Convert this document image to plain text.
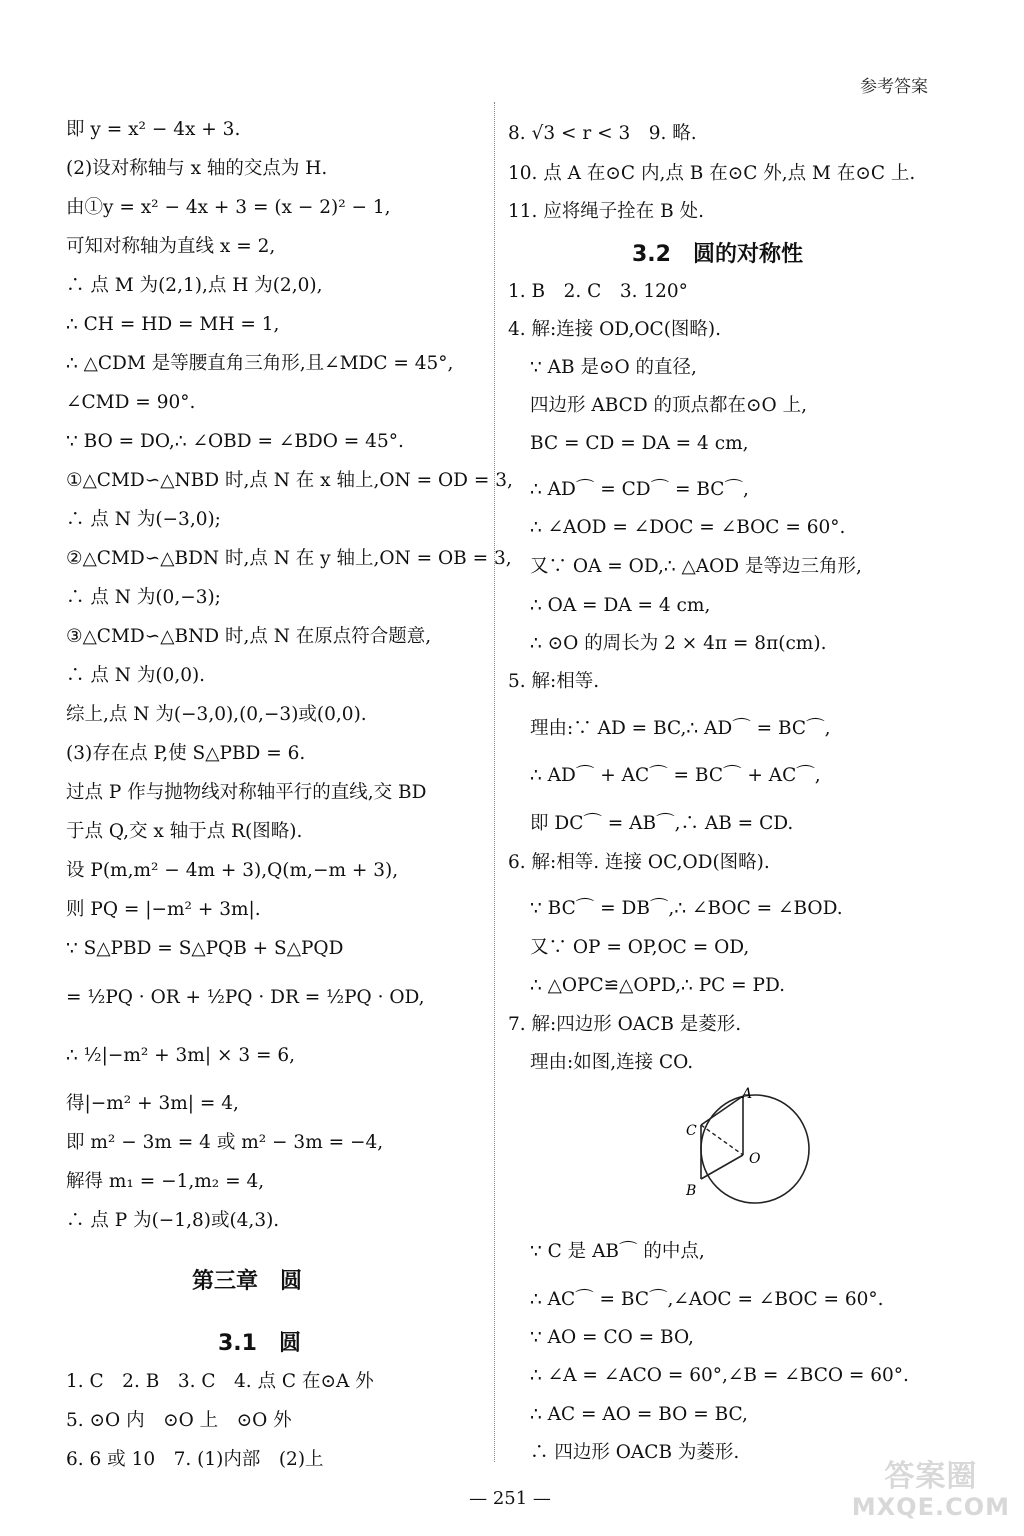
参考答案
即 y = x² − 4x + 3.
(2)设对称轴与 x 轴的交点为 H.
由①y = x² − 4x + 3 = (x − 2)² − 1,
可知对称轴为直线 x = 2,
∴ 点 M 为(2,1),点 H 为(2,0),
∴ CH = HD = MH = 1,
∴ △CDM 是等腰直角三角形,且∠MDC = 45°,
∠CMD = 90°.
∵ BO = DO,∴ ∠OBD = ∠BDO = 45°.
①△CMD∽△NBD 时,点 N 在 x 轴上,ON = OD = 3,
∴ 点 N 为(−3,0);
②△CMD∽△BDN 时,点 N 在 y 轴上,ON = OB = 3,
∴ 点 N 为(0,−3);
③△CMD∽△BND 时,点 N 在原点符合题意,
∴ 点 N 为(0,0).
综上,点 N 为(−3,0),(0,−3)或(0,0).
(3)存在点 P,使 S△PBD = 6.
过点 P 作与抛物线对称轴平行的直线,交 BD
于点 Q,交 x 轴于点 R(图略).
设 P(m,m² − 4m + 3),Q(m,−m + 3),
则 PQ = |−m² + 3m|.
∵ S△PBD = S△PQB + S△PQD
= ½PQ · OR + ½PQ · DR = ½PQ · OD,
∴ ½|−m² + 3m| × 3 = 6,
得|−m² + 3m| = 4,
即 m² − 3m = 4 或 m² − 3m = −4,
解得 m₁ = −1,m₂ = 4,
∴ 点 P 为(−1,8)或(4,3).
第三章　圆
3.1　圆
1. C　2. B　3. C　4. 点 C 在⊙A 外
5. ⊙O 内　⊙O 上　⊙O 外
6. 6 或 10　7. (1)内部　(2)上
8. √3 < r < 3　9. 略.
10. 点 A 在⊙C 内,点 B 在⊙C 外,点 M 在⊙C 上.
11. 应将绳子拴在 B 处.
3.2　圆的对称性
1. B　2. C　3. 120°
4. 解:连接 OD,OC(图略).
∵ AB 是⊙O 的直径,
四边形 ABCD 的顶点都在⊙O 上,
BC = CD = DA = 4 cm,
∴ AD⌒ = CD⌒ = BC⌒,
∴ ∠AOD = ∠DOC = ∠BOC = 60°.
又∵ OA = OD,∴ △AOD 是等边三角形,
∴ OA = DA = 4 cm,
∴ ⊙O 的周长为 2 × 4π = 8π(cm).
5. 解:相等.
理由:∵ AD = BC,∴ AD⌒ = BC⌒,
∴ AD⌒ + AC⌒ = BC⌒ + AC⌒,
即 DC⌒ = AB⌒,∴ AB = CD.
6. 解:相等. 连接 OC,OD(图略).
∵ BC⌒ = DB⌒,∴ ∠BOC = ∠BOD.
又∵ OP = OP,OC = OD,
∴ △OPC≌△OPD,∴ PC = PD.
7. 解:四边形 OACB 是菱形.
理由:如图,连接 CO.
A
C
B
O
∵ C 是 AB⌒ 的中点,
∴ AC⌒ = BC⌒,∠AOC = ∠BOC = 60°.
∵ AO = CO = BO,
∴ ∠A = ∠ACO = 60°,∠B = ∠BCO = 60°.
∴ AC = AO = BO = BC,
∴ 四边形 OACB 为菱形.
— 251 —
答案圈
MXQE.COM
